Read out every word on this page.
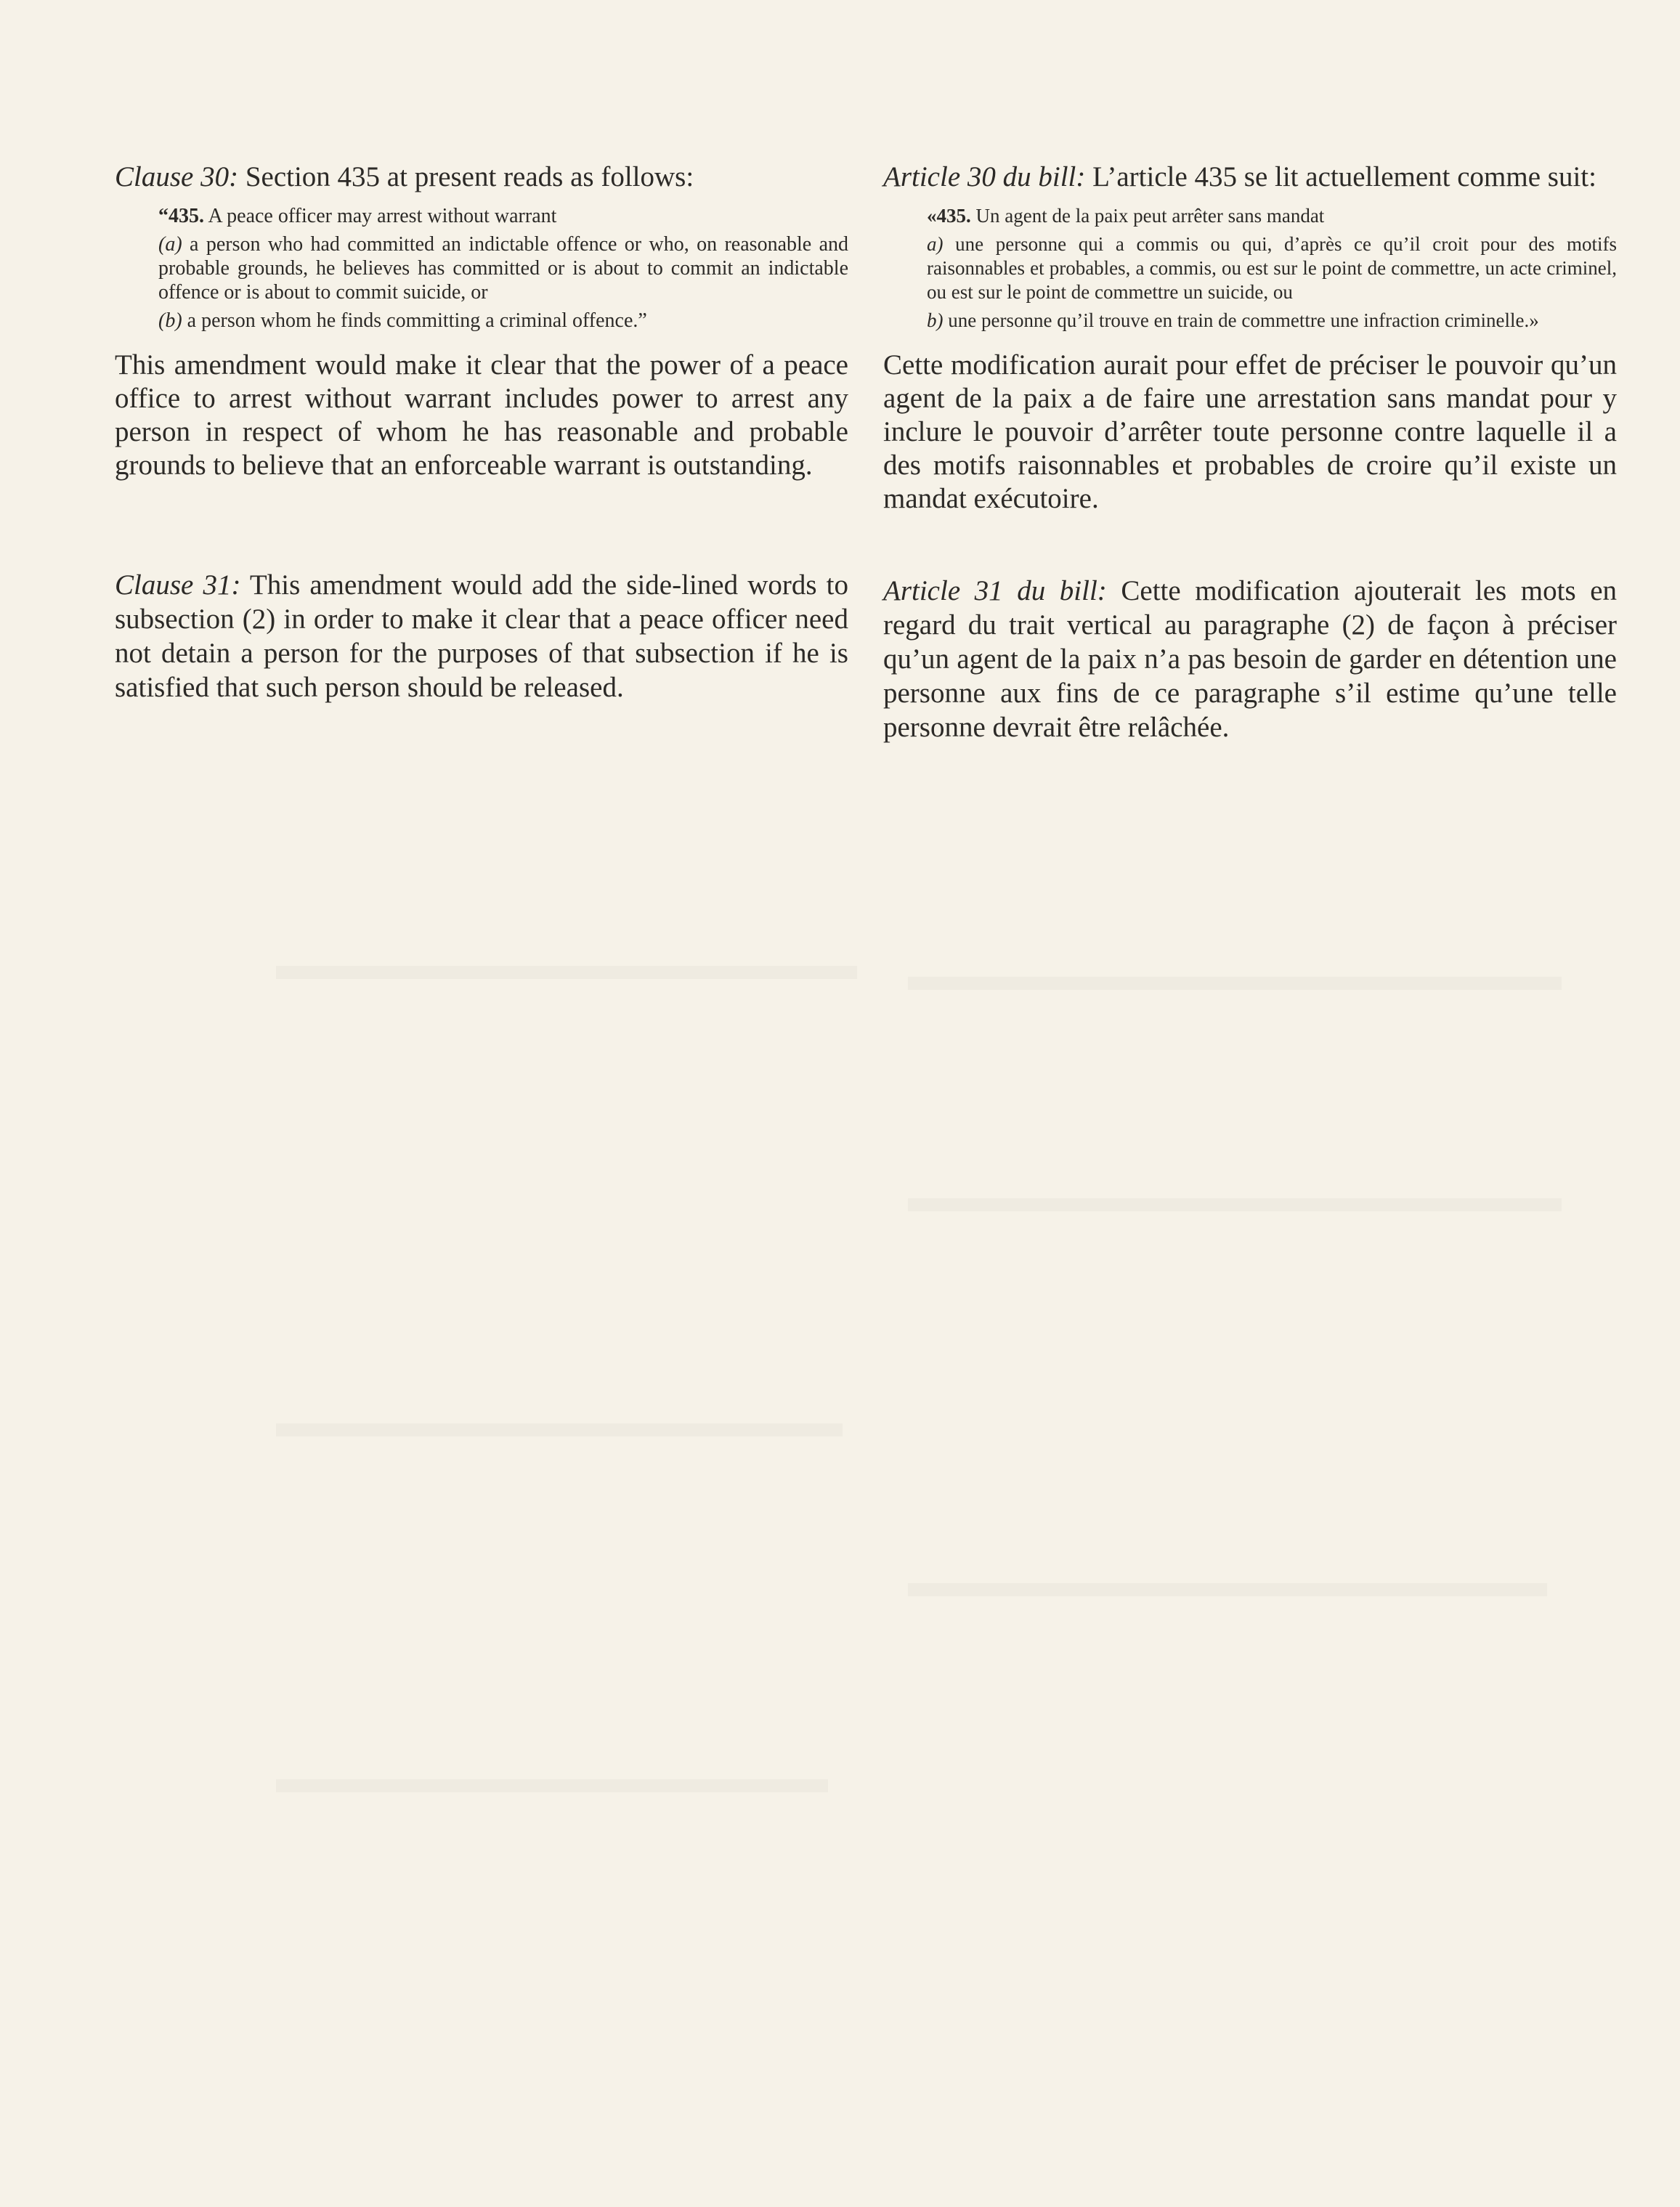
Clause 30: Section 435 at present reads as follows:

“435. A peace officer may arrest without warrant

(a) a person who had committed an indictable offence or who, on reasonable and probable grounds, he believes has committed or is about to commit an indictable offence or is about to commit suicide, or

(b) a person whom he finds committing a criminal offence.”

This amendment would make it clear that the power of a peace office to arrest without warrant includes power to arrest any person in respect of whom he has reasonable and probable grounds to believe that an enforceable warrant is outstanding.

Clause 31: This amendment would add the side-lined words to subsection (2) in order to make it clear that a peace officer need not detain a person for the purposes of that subsection if he is satisfied that such person should be released.

Article 30 du bill: L’article 435 se lit actuellement comme suit:

«435. Un agent de la paix peut arrêter sans mandat

a) une personne qui a commis ou qui, d’après ce qu’il croit pour des motifs raisonnables et probables, a commis, ou est sur le point de commettre, un acte criminel, ou est sur le point de commettre un suicide, ou

b) une personne qu’il trouve en train de commettre une infraction criminelle.»

Cette modification aurait pour effet de préciser le pouvoir qu’un agent de la paix a de faire une arrestation sans mandat pour y inclure le pouvoir d’arrêter toute personne contre laquelle il a des motifs raisonnables et probables de croire qu’il existe un mandat exécutoire.

Article 31 du bill: Cette modification ajouterait les mots en regard du trait vertical au paragraphe (2) de façon à préciser qu’un agent de la paix n’a pas besoin de garder en détention une personne aux fins de ce paragraphe s’il estime qu’une telle personne devrait être relâchée.
